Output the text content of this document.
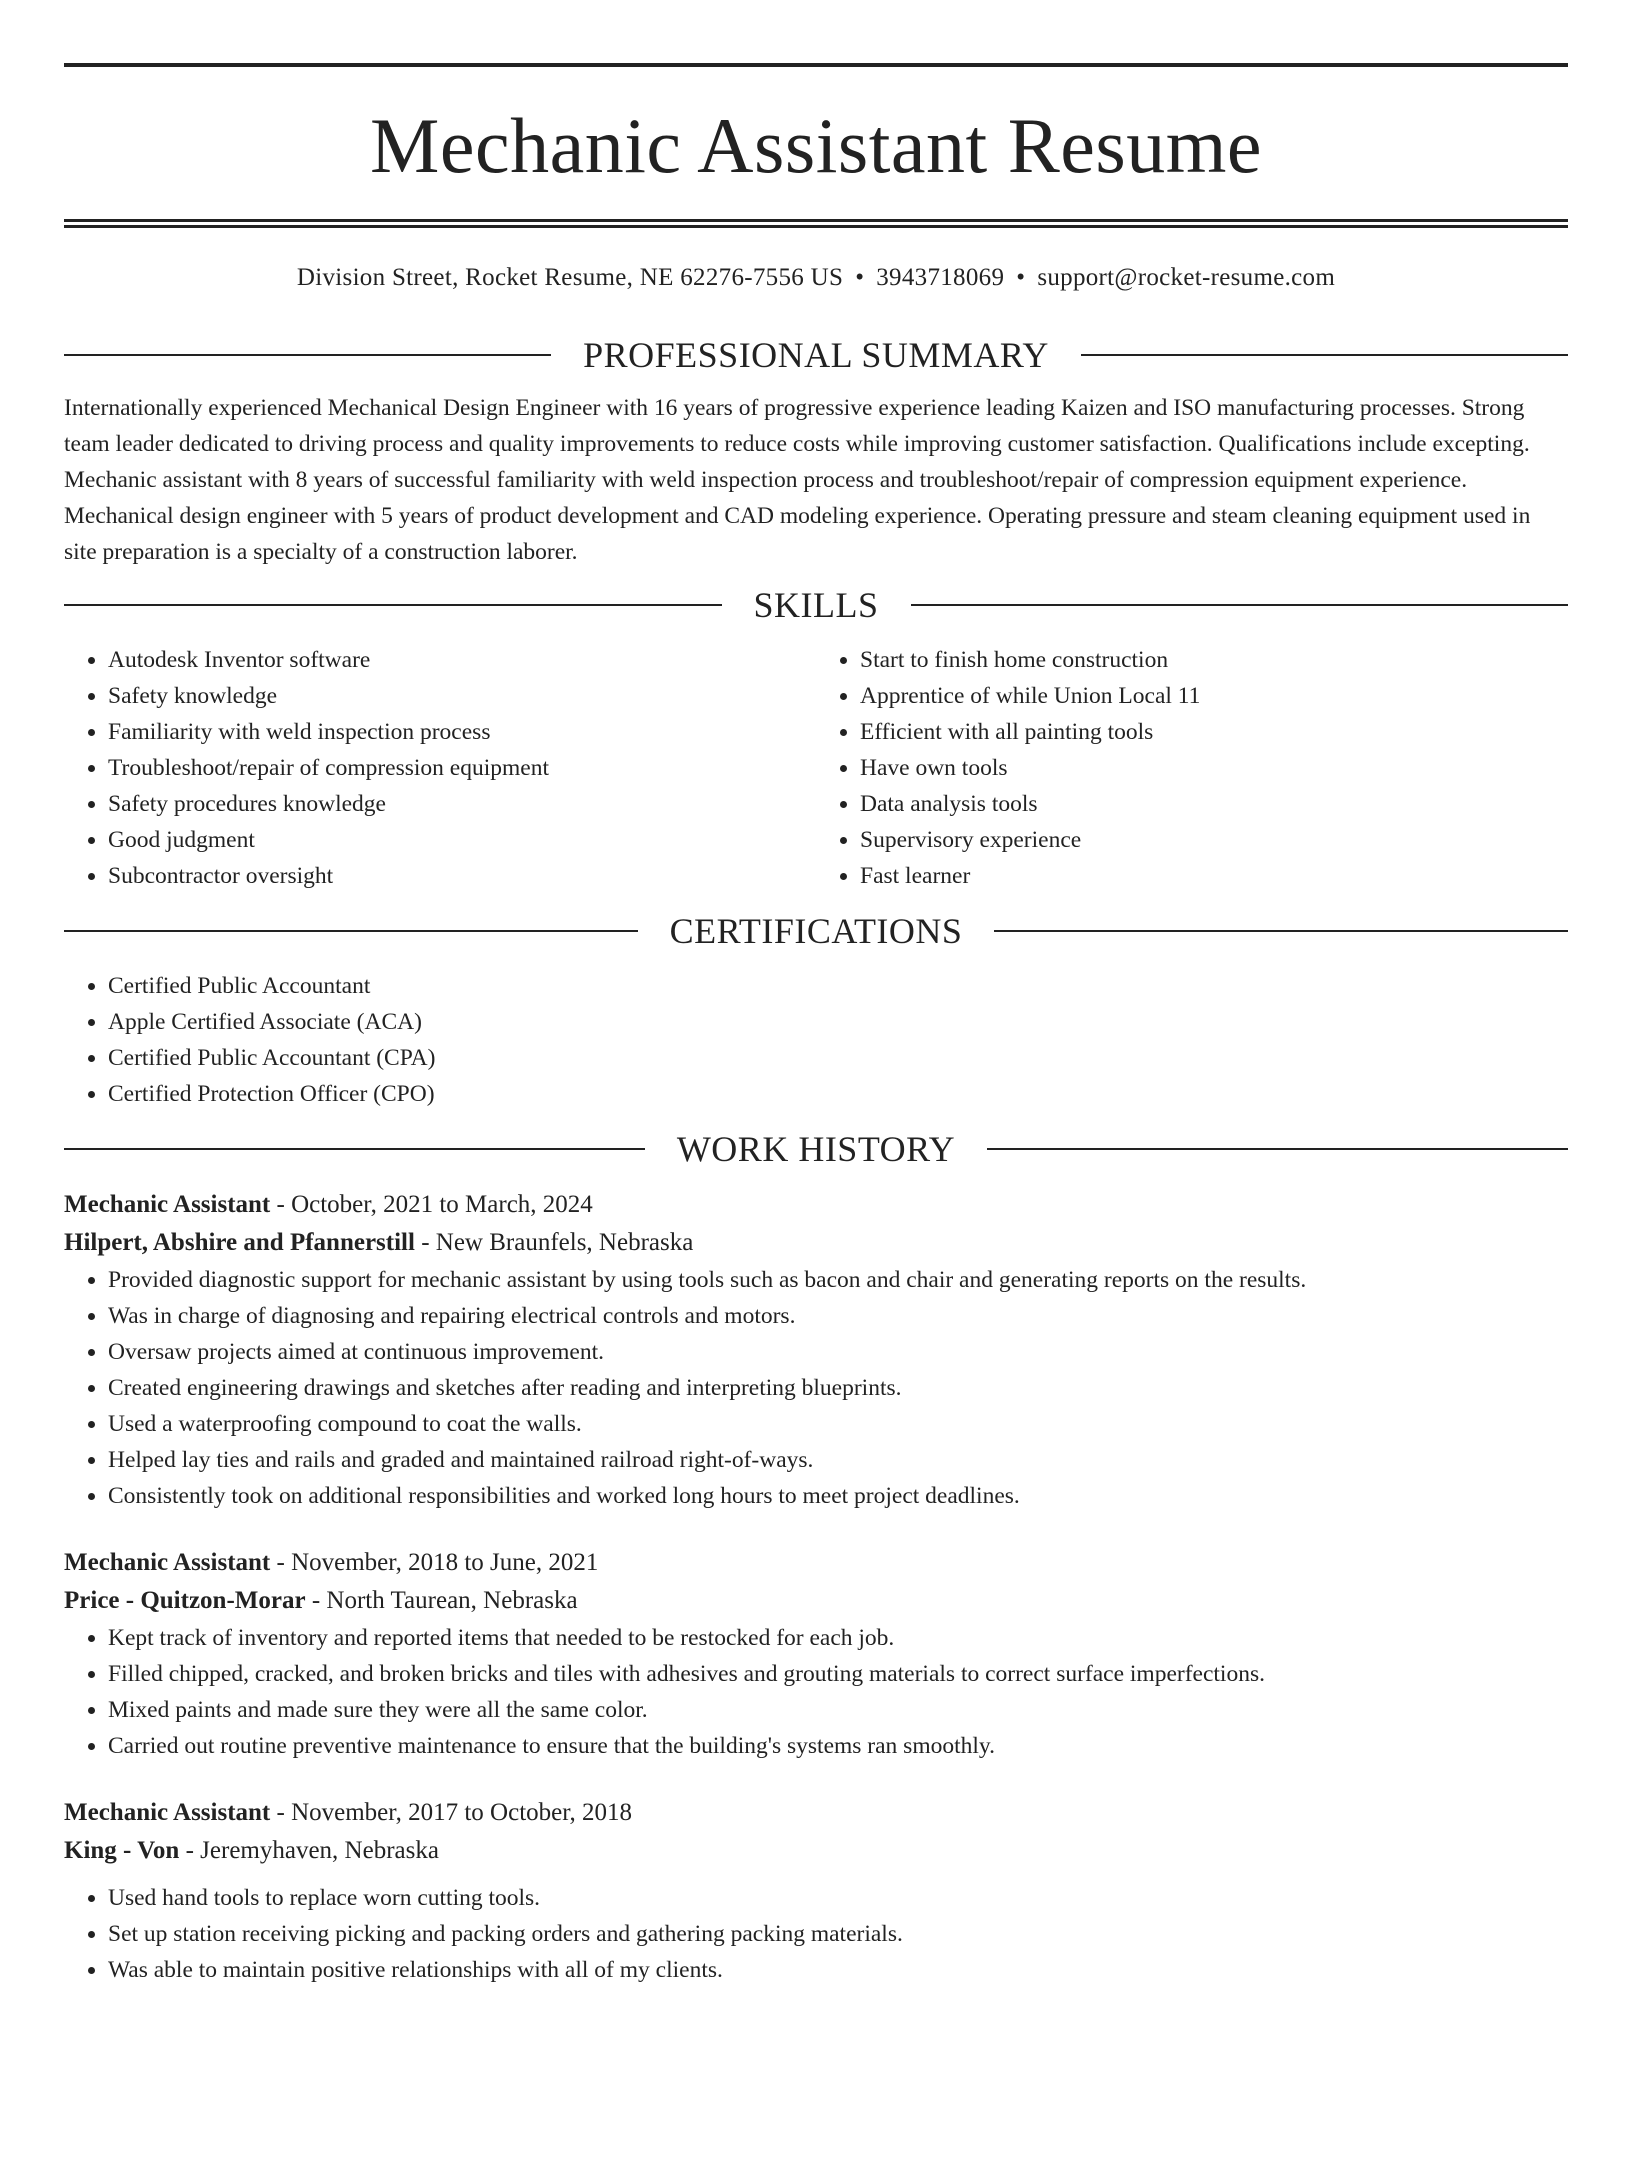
Mechanic Assistant Resume
Division Street, Rocket Resume, NE 62276-7556 US • 3943718069 • support@rocket-resume.com
PROFESSIONAL SUMMARY

Internationally experienced Mechanical Design Engineer with 16 years of progressive experience leading Kaizen and ISO manufacturing processes. Strong team leader dedicated to driving process and quality improvements to reduce costs while improving customer satisfaction. Qualifications include excepting. Mechanic assistant with 8 years of successful familiarity with weld inspection process and troubleshoot/repair of compression equipment experience. Mechanical design engineer with 5 years of product development and CAD modeling experience. Operating pressure and steam cleaning equipment used in site preparation is a specialty of a construction laborer.

SKILLS
• Autodesk Inventor software
• Safety knowledge
• Familiarity with weld inspection process
• Troubleshoot/repair of compression equipment
• Safety procedures knowledge
• Good judgment
• Subcontractor oversight
• Start to finish home construction
• Apprentice of while Union Local 11
• Efficient with all painting tools
• Have own tools
• Data analysis tools
• Supervisory experience
• Fast learner
CERTIFICATIONS
• Certified Public Accountant
• Apple Certified Associate (ACA)
• Certified Public Accountant (CPA)
• Certified Protection Officer (CPO)
WORK HISTORY
Mechanic Assistant - October, 2021 to March, 2024
Hilpert, Abshire and Pfannerstill - New Braunfels, Nebraska
• Provided diagnostic support for mechanic assistant by using tools such as bacon and chair and generating reports on the results.
• Was in charge of diagnosing and repairing electrical controls and motors.
• Oversaw projects aimed at continuous improvement.
• Created engineering drawings and sketches after reading and interpreting blueprints.
• Used a waterproofing compound to coat the walls.
• Helped lay ties and rails and graded and maintained railroad right-of-ways.
• Consistently took on additional responsibilities and worked long hours to meet project deadlines.
Mechanic Assistant - November, 2018 to June, 2021
Price - Quitzon-Morar - North Taurean, Nebraska
• Kept track of inventory and reported items that needed to be restocked for each job.
• Filled chipped, cracked, and broken bricks and tiles with adhesives and grouting materials to correct surface imperfections.
• Mixed paints and made sure they were all the same color.
• Carried out routine preventive maintenance to ensure that the building's systems ran smoothly.
Mechanic Assistant - November, 2017 to October, 2018
King - Von - Jeremyhaven, Nebraska
• Used hand tools to replace worn cutting tools.
• Set up station receiving picking and packing orders and gathering packing materials.
• Was able to maintain positive relationships with all of my clients.
